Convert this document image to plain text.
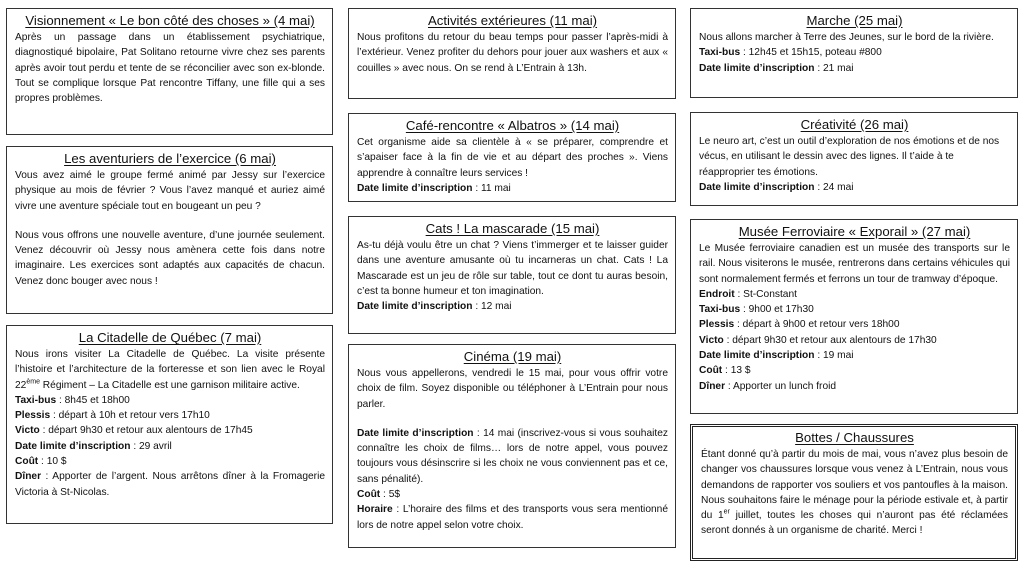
Visionnement « Le bon côté des choses » (4 mai)

Après un passage dans un établissement psychiatrique, diagnostiqué bipolaire, Pat Solitano retourne vivre chez ses parents après avoir tout perdu et tente de se réconcilier avec son ex-blonde. Tout se complique lorsque Pat rencontre Tiffany, une fille qui a ses propres problèmes.

Les aventuriers de l’exercice (6 mai)

Vous avez aimé le groupe fermé animé par Jessy sur l’exercice physique au mois de février ? Vous l’avez manqué et auriez aimé vivre une aventure spéciale tout en bougeant un peu ?

Nous vous offrons une nouvelle aventure, d’une journée seulement. Venez découvrir où Jessy nous amènera cette fois dans notre imaginaire. Les exercices sont adaptés aux capacités de chacun. Venez donc bouger avec nous !

La Citadelle de Québec (7 mai)

Nous irons visiter La Citadelle de Québec. La visite présente l’histoire et l’architecture de la forteresse et son lien avec le Royal 22ème Régiment – La Citadelle est une garnison militaire active.

Taxi-bus : 8h45 et 18h00

Plessis : départ à 10h et retour vers 17h10

Victo : départ 9h30 et retour aux alentours de 17h45

Date limite d’inscription : 29 avril

Coût : 10 $

Dîner : Apporter de l’argent. Nous arrêtons dîner à la Fromagerie Victoria à St-Nicolas.

Activités extérieures (11 mai)

Nous profitons du retour du beau temps pour passer l’après-midi à l’extérieur. Venez profiter du dehors pour jouer aux washers et aux « couilles » avec nous. On se rend à L’Entrain à 13h.

Café-rencontre « Albatros » (14 mai)

Cet organisme aide sa clientèle à « se préparer, comprendre et s’apaiser face à la fin de vie et au départ des proches ». Viens apprendre à connaître leurs services !

Date limite d’inscription : 11 mai

Cats ! La mascarade (15 mai)

As-tu déjà voulu être un chat ? Viens t’immerger et te laisser guider dans une aventure amusante où tu incarneras un chat. Cats ! La Mascarade est un jeu de rôle sur table, tout ce dont tu auras besoin, c’est ta bonne humeur et ton imagination.

Date limite d’inscription : 12 mai

Cinéma (19 mai)

Nous vous appellerons, vendredi le 15 mai, pour vous offrir votre choix de film. Soyez disponible ou téléphoner à L’Entrain pour nous parler.

Date limite d’inscription : 14 mai (inscrivez-vous si vous souhaitez connaître les choix de films… lors de notre appel, vous pouvez toujours vous désinscrire si les choix ne vous conviennent pas et ce, sans pénalité).

Coût : 5$

Horaire : L’horaire des films et des transports vous sera mentionné lors de notre appel selon votre choix.

Marche (25 mai)

Nous allons marcher à Terre des Jeunes, sur le bord de la rivière.

Taxi-bus : 12h45 et 15h15, poteau #800

Date limite d’inscription : 21 mai

Créativité (26 mai)

Le neuro art, c’est un outil d’exploration de nos émotions et de nos vécus, en utilisant le dessin avec des lignes. Il t’aide à te réapproprier tes émotions.

Date limite d’inscription : 24 mai

Musée Ferroviaire « Exporail » (27 mai)

Le Musée ferroviaire canadien est un musée des transports sur le rail. Nous visiterons le musée, rentrerons dans certains véhicules qui sont normalement fermés et ferrons un tour de tramway d’époque.

Endroit : St-Constant

Taxi-bus : 9h00 et 17h30

Plessis : départ à 9h00 et retour vers 18h00

Victo : départ 9h30 et retour aux alentours de 17h30

Date limite d’inscription : 19 mai

Coût : 13 $

Dîner : Apporter un lunch froid

Bottes / Chaussures

Étant donné qu’à partir du mois de mai, vous n’avez plus besoin de changer vos chaussures lorsque vous venez à L’Entrain, nous vous demandons de rapporter vos souliers et vos pantoufles à la maison. Nous souhaitons faire le ménage pour la période estivale et, à partir du 1er juillet, toutes les choses qui n’auront pas été réclamées seront donnés à un organisme de charité. Merci !
